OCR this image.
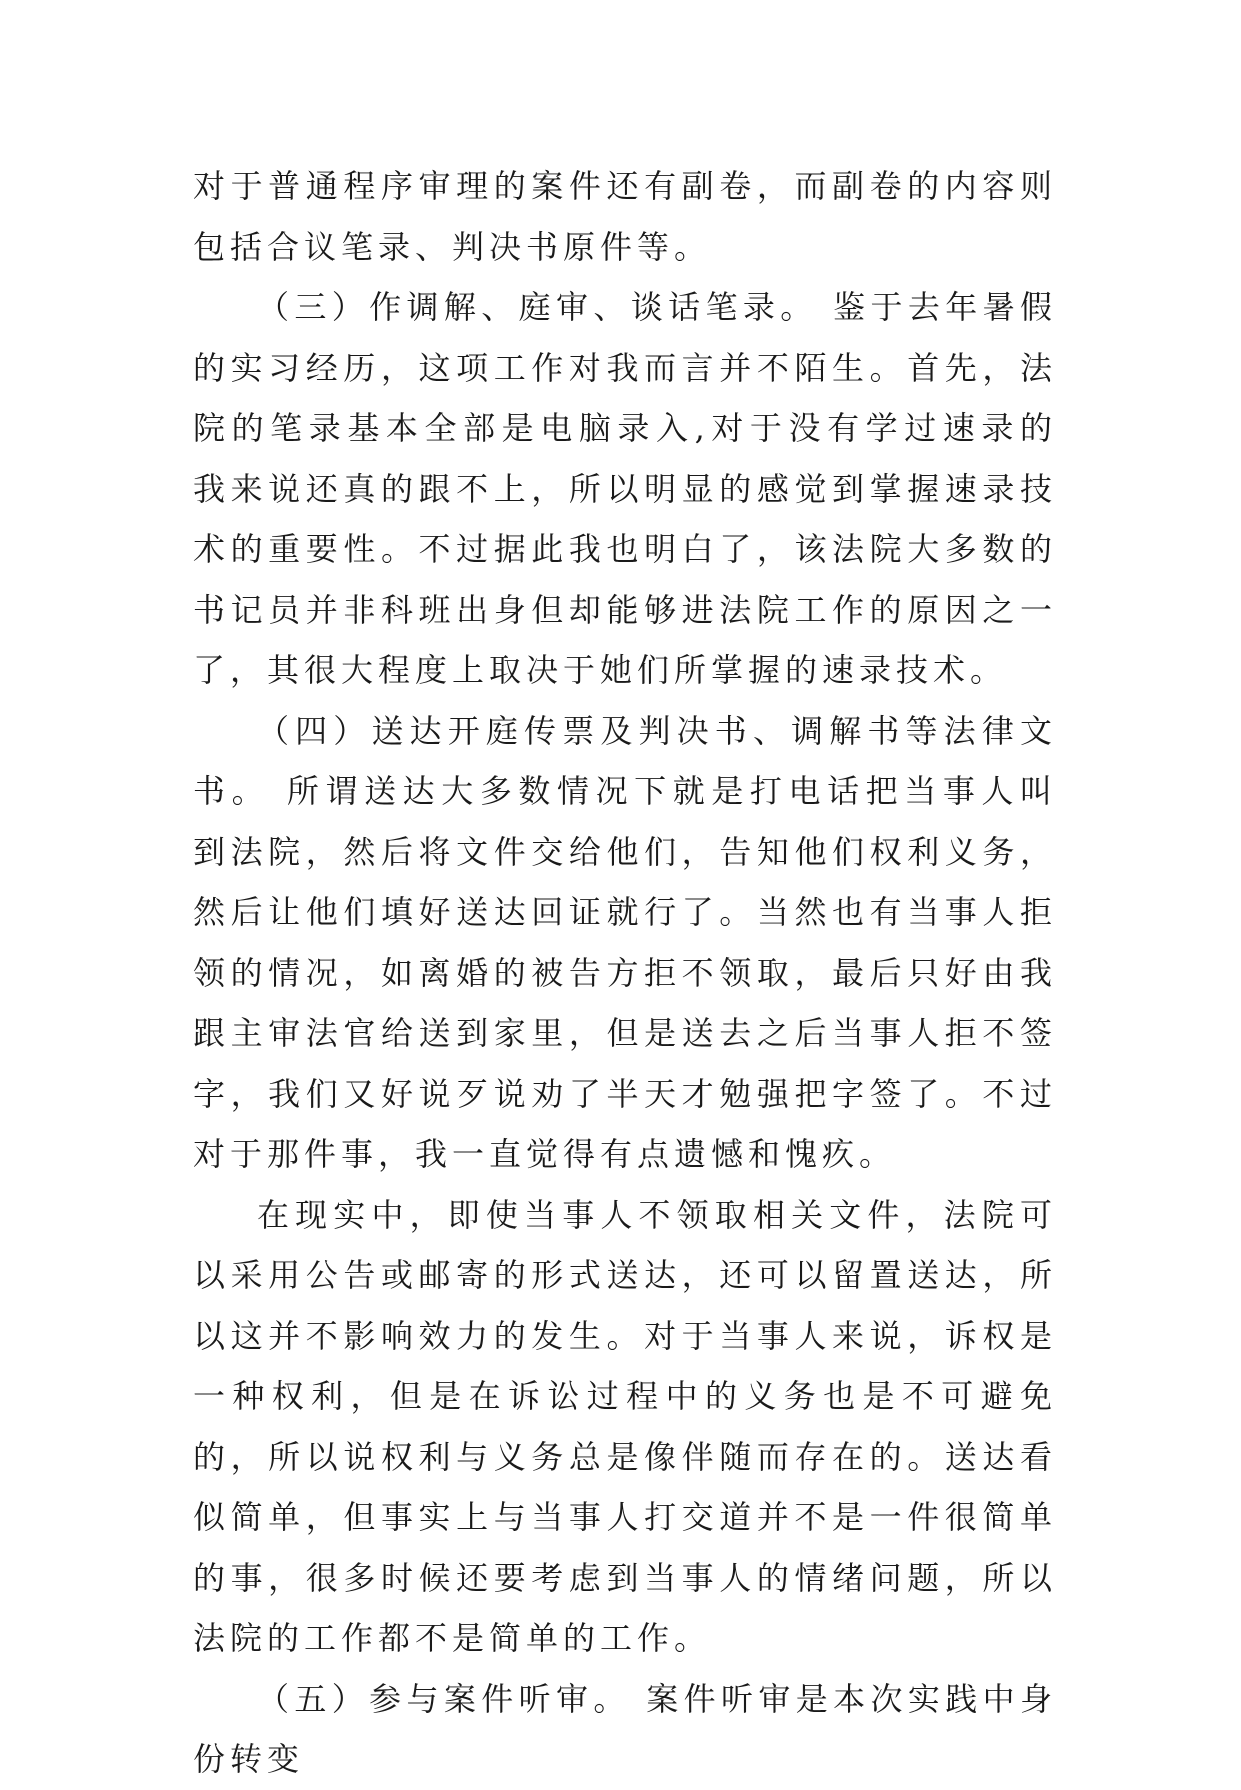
对于普通程序审理的案件还有副卷，而副卷的内容则包括合议笔录、判决书原件等。

（三）作调解、庭审、谈话笔录。 鉴于去年暑假的实习经历，这项工作对我而言并不陌生。首先，法院的笔录基本全部是电脑录入,对于没有学过速录的我来说还真的跟不上，所以明显的感觉到掌握速录技术的重要性。不过据此我也明白了，该法院大多数的书记员并非科班出身但却能够进法院工作的原因之一了，其很大程度上取决于她们所掌握的速录技术。

（四）送达开庭传票及判决书、调解书等法律文书。 所谓送达大多数情况下就是打电话把当事人叫到法院，然后将文件交给他们，告知他们权利义务，然后让他们填好送达回证就行了。当然也有当事人拒领的情况，如离婚的被告方拒不领取，最后只好由我跟主审法官给送到家里，但是送去之后当事人拒不签字，我们又好说歹说劝了半天才勉强把字签了。不过对于那件事，我一直觉得有点遗憾和愧疚。

在现实中，即使当事人不领取相关文件，法院可以采用公告或邮寄的形式送达，还可以留置送达，所以这并不影响效力的发生。对于当事人来说，诉权是一种权利，但是在诉讼过程中的义务也是不可避免的，所以说权利与义务总是像伴随而存在的。送达看似简单，但事实上与当事人打交道并不是一件很简单的事，很多时候还要考虑到当事人的情绪问题，所以法院的工作都不是简单的工作。

（五）参与案件听审。 案件听审是本次实践中身份转变
